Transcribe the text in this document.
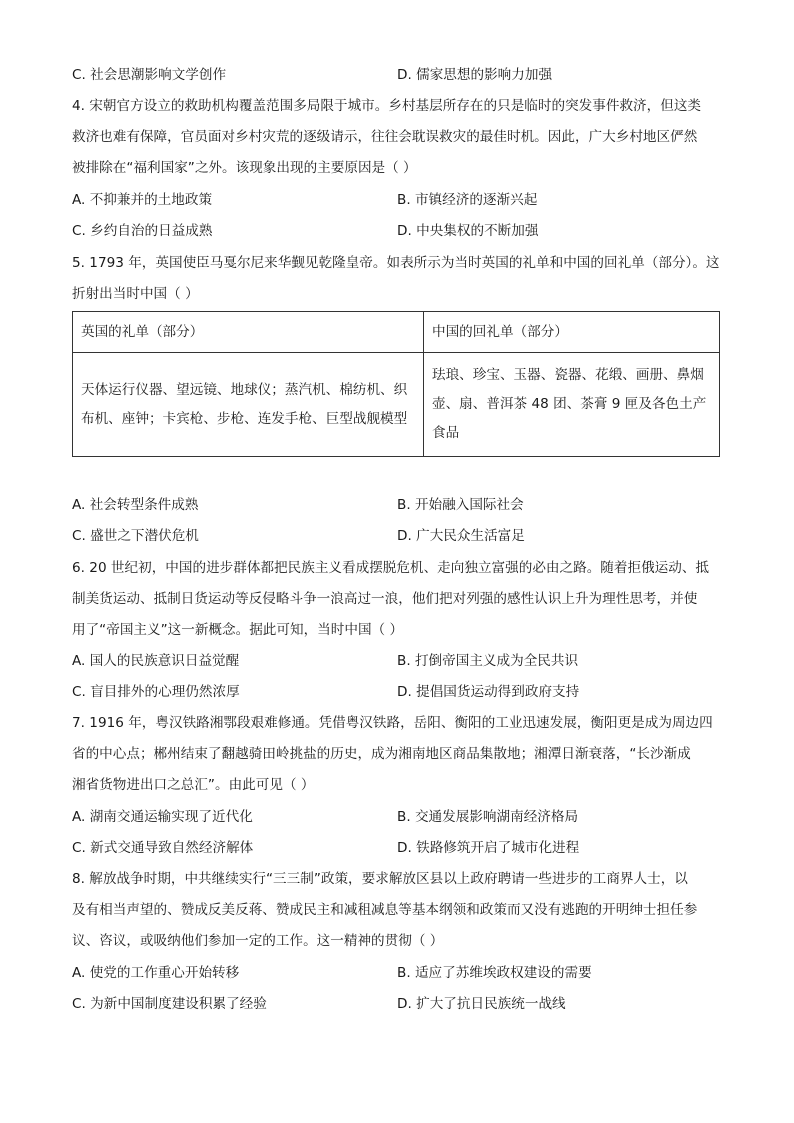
C. 社会思潮影响文学创作	D. 儒家思想的影响力加强
4. 宋朝官方设立的救助机构覆盖范围多局限于城市。乡村基层所存在的只是临时的突发事件救济，但这类
救济也难有保障，官员面对乡村灾荒的逐级请示，往往会耽误救灾的最佳时机。因此，广大乡村地区俨然
被排除在“福利国家”之外。该现象出现的主要原因是（ ）
A. 不抑兼并的土地政策	B. 市镇经济的逐渐兴起
C. 乡约自治的日益成熟	D. 中央集权的不断加强
5. 1793 年，英国使臣马戛尔尼来华觐见乾隆皇帝。如表所示为当时英国的礼单和中国的回礼单（部分）。这
折射出当时中国（ ）
英国的礼单（部分）	中国的回礼单（部分）
天体运行仪器、望远镜、地球仪；蒸汽机、棉纺机、织布机、座钟；卡宾枪、步枪、连发手枪、巨型战舰模型	珐琅、珍宝、玉器、瓷器、花缎、画册、鼻烟壶、扇、普洱茶 48 团、茶膏 9 匣及各色土产食品
A. 社会转型条件成熟	B. 开始融入国际社会
C. 盛世之下潜伏危机	D. 广大民众生活富足
6. 20 世纪初，中国的进步群体都把民族主义看成摆脱危机、走向独立富强的必由之路。随着拒俄运动、抵
制美货运动、抵制日货运动等反侵略斗争一浪高过一浪，他们把对列强的感性认识上升为理性思考，并使
用了“帝国主义”这一新概念。据此可知，当时中国（ ）
A. 国人的民族意识日益觉醒	B. 打倒帝国主义成为全民共识
C. 盲目排外的心理仍然浓厚	D. 提倡国货运动得到政府支持
7. 1916 年，粤汉铁路湘鄂段艰难修通。凭借粤汉铁路，岳阳、衡阳的工业迅速发展，衡阳更是成为周边四
省的中心点；郴州结束了翻越骑田岭挑盐的历史，成为湘南地区商品集散地；湘潭日渐衰落，“长沙渐成
湘省货物进出口之总汇”。由此可见（ ）
A. 湖南交通运输实现了近代化	B. 交通发展影响湖南经济格局
C. 新式交通导致自然经济解体	D. 铁路修筑开启了城市化进程
8. 解放战争时期，中共继续实行“三三制”政策，要求解放区县以上政府聘请一些进步的工商界人士，以
及有相当声望的、赞成反美反蒋、赞成民主和减租减息等基本纲领和政策而又没有逃跑的开明绅士担任参
议、咨议，或吸纳他们参加一定的工作。这一精神的贯彻（ ）
A. 使党的工作重心开始转移	B. 适应了苏维埃政权建设的需要
C. 为新中国制度建设积累了经验	D. 扩大了抗日民族统一战线
